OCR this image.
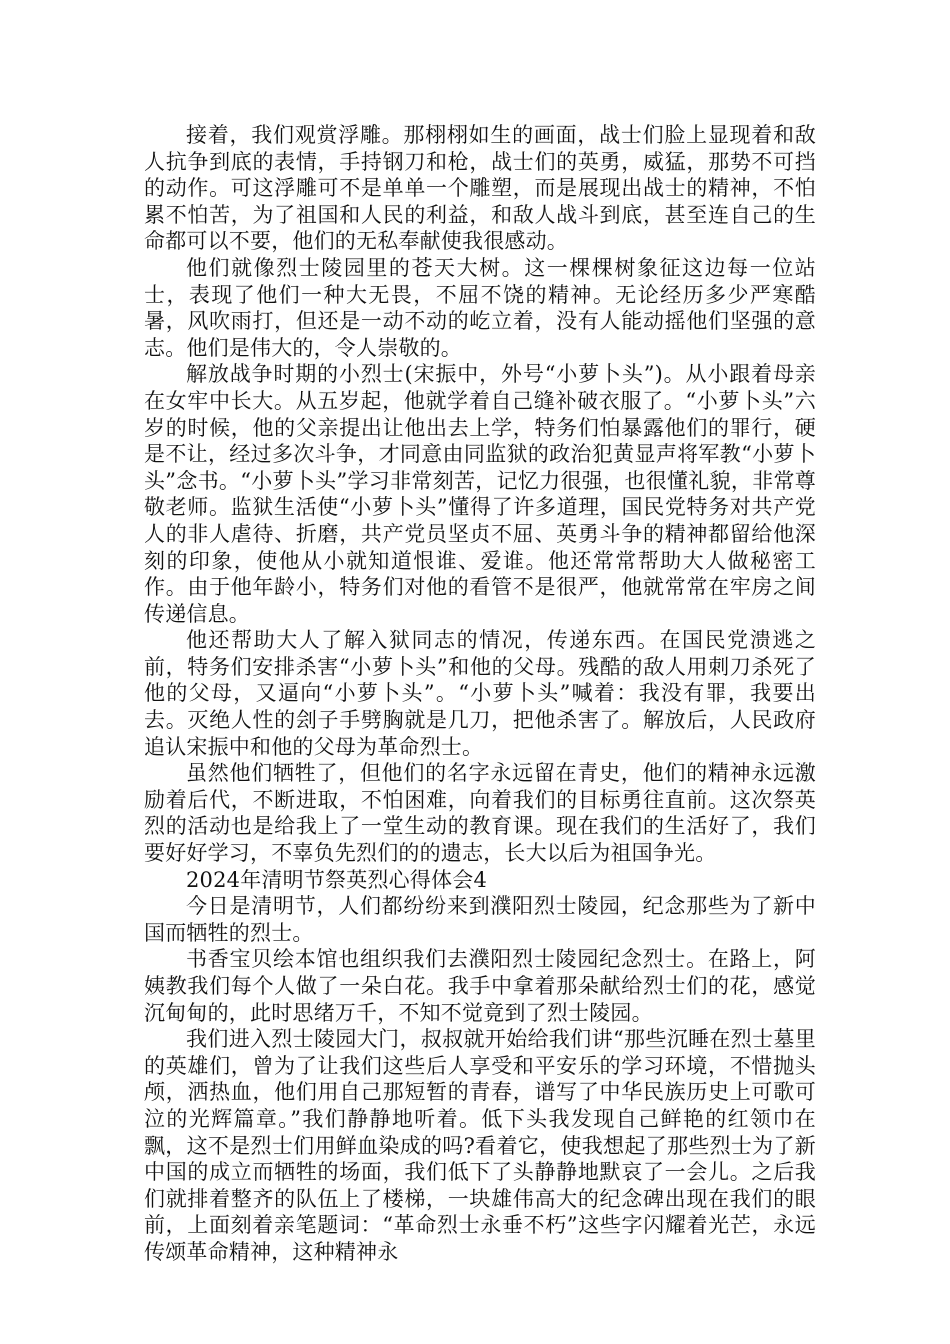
接着，我们观赏浮雕。那栩栩如生的画面，战士们脸上显现着和敌人抗争到底的表情，手持钢刀和枪，战士们的英勇，威猛，那势不可挡的动作。可这浮雕可不是单单一个雕塑，而是展现出战士的精神，不怕累不怕苦，为了祖国和人民的利益，和敌人战斗到底，甚至连自己的生命都可以不要，他们的无私奉献使我很感动。

他们就像烈士陵园里的苍天大树。这一棵棵树象征这边每一位站士，表现了他们一种大无畏，不屈不饶的精神。无论经历多少严寒酷暑，风吹雨打，但还是一动不动的屹立着，没有人能动摇他们坚强的意志。他们是伟大的，令人崇敬的。

解放战争时期的小烈士(宋振中，外号“小萝卜头”)。从小跟着母亲在女牢中长大。从五岁起，他就学着自己缝补破衣服了。“小萝卜头”六岁的时候，他的父亲提出让他出去上学，特务们怕暴露他们的罪行，硬是不让，经过多次斗争，才同意由同监狱的政治犯黄显声将军教“小萝卜头”念书。“小萝卜头”学习非常刻苦，记忆力很强，也很懂礼貌，非常尊敬老师。监狱生活使“小萝卜头”懂得了许多道理，国民党特务对共产党人的非人虐待、折磨，共产党员坚贞不屈、英勇斗争的精神都留给他深刻的印象，使他从小就知道恨谁、爱谁。他还常常帮助大人做秘密工作。由于他年龄小，特务们对他的看管不是很严，他就常常在牢房之间传递信息。

他还帮助大人了解入狱同志的情况，传递东西。在国民党溃逃之前，特务们安排杀害“小萝卜头”和他的父母。残酷的敌人用刺刀杀死了他的父母，又逼向“小萝卜头”。“小萝卜头”喊着：我没有罪，我要出去。灭绝人性的刽子手劈胸就是几刀，把他杀害了。解放后，人民政府追认宋振中和他的父母为革命烈士。

虽然他们牺牲了，但他们的名字永远留在青史，他们的精神永远激励着后代，不断进取，不怕困难，向着我们的目标勇往直前。这次祭英烈的活动也是给我上了一堂生动的教育课。现在我们的生活好了，我们要好好学习，不辜负先烈们的的遗志，长大以后为祖国争光。

2024年清明节祭英烈心得体会4

今日是清明节，人们都纷纷来到濮阳烈士陵园，纪念那些为了新中国而牺牲的烈士。

书香宝贝绘本馆也组织我们去濮阳烈士陵园纪念烈士。在路上，阿姨教我们每个人做了一朵白花。我手中拿着那朵献给烈士们的花，感觉沉甸甸的，此时思绪万千，不知不觉竟到了烈士陵园。

我们进入烈士陵园大门，叔叔就开始给我们讲“那些沉睡在烈士墓里的英雄们，曾为了让我们这些后人享受和平安乐的学习环境，不惜抛头颅，洒热血，他们用自己那短暂的青春，谱写了中华民族历史上可歌可泣的光辉篇章。”我们静静地听着。低下头我发现自己鲜艳的红领巾在飘，这不是烈士们用鲜血染成的吗?看着它，使我想起了那些烈士为了新中国的成立而牺牲的场面，我们低下了头静静地默哀了一会儿。之后我们就排着整齐的队伍上了楼梯，一块雄伟高大的纪念碑出现在我们的眼前，上面刻着亲笔题词：“革命烈士永垂不朽”这些字闪耀着光芒，永远传颂革命精神，这种精神永
